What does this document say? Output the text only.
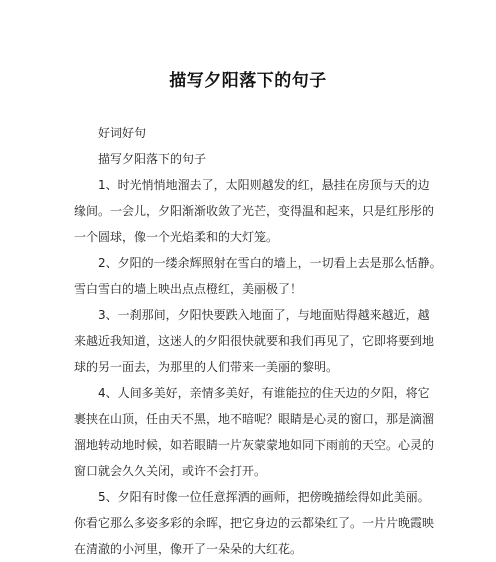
描写夕阳落下的句子
好词好句
描写夕阳落下的句子
1、时光悄悄地溜去了，太阳则越发的红，悬挂在房顶与天的边
缘间。一会儿，夕阳渐渐收敛了光芒，变得温和起来，只是红彤彤的
一个圆球，像一个光焰柔和的大灯笼。
2、夕阳的一缕余辉照射在雪白的墙上，一切看上去是那么恬静。
雪白雪白的墙上映出点点橙红，美丽极了！
3、一刹那间，夕阳快要跌入地面了，与地面贴得越来越近，越
来越近我知道，这迷人的夕阳很快就要和我们再见了，它即将要到地
球的另一面去，为那里的人们带来一美丽的黎明。
4、人间多美好，亲情多美好，有谁能拉的住天边的夕阳，将它
裹挟在山顶，任由天不黑，地不暗呢？眼睛是心灵的窗口，那是滴溜
溜地转动地时候，如若眼睛一片灰蒙蒙地如同下雨前的天空。心灵的
窗口就会久久关闭，或许不会打开。
5、夕阳有时像一位任意挥洒的画师，把傍晚描绘得如此美丽。
你看它那么多姿多彩的余晖，把它身边的云都染红了。一片片晚霞映
在清澈的小河里，像开了一朵朵的大红花。
